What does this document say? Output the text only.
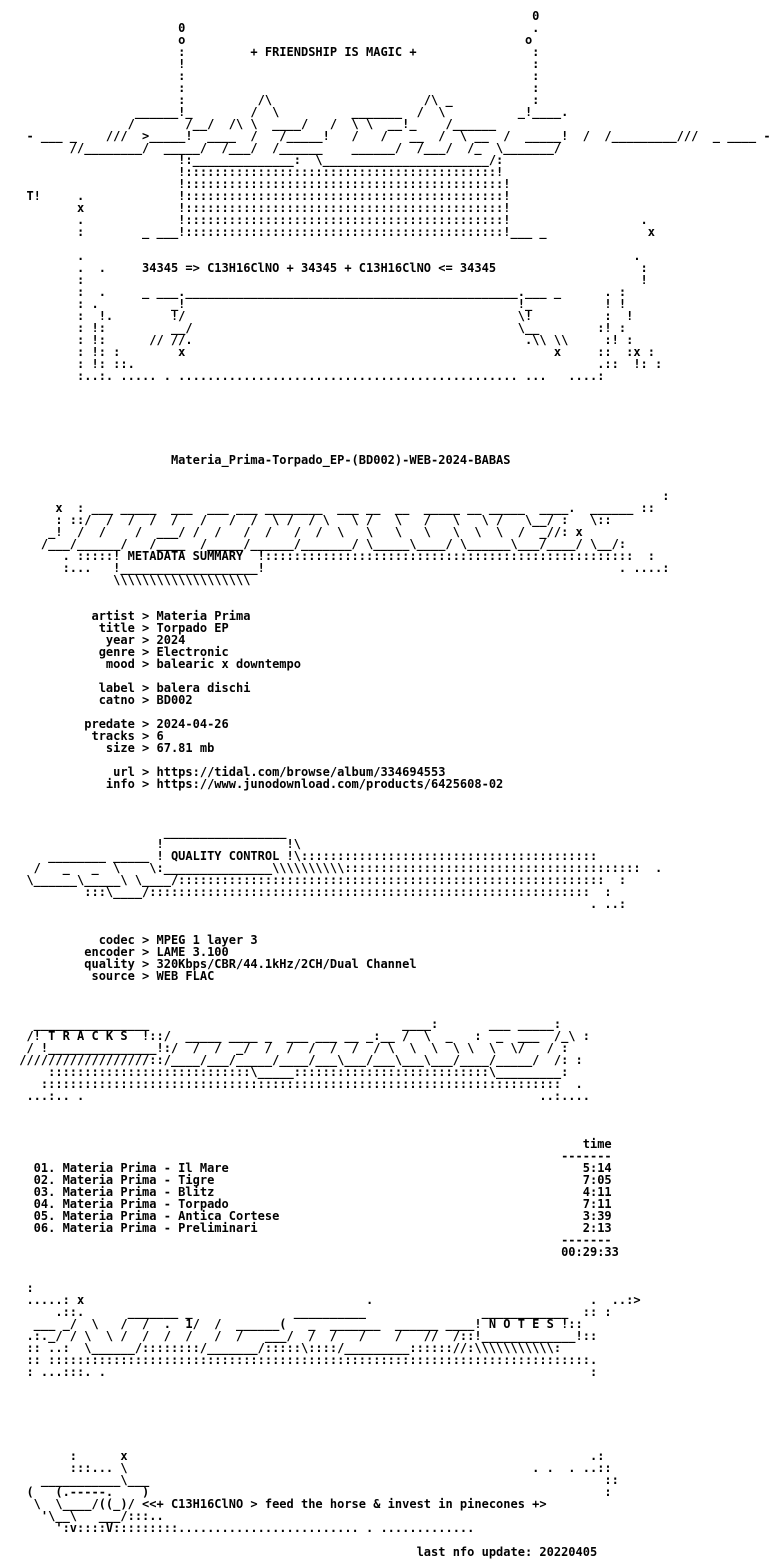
0
0                                                .
o                                               o
:         + FRIENDSHIP IS MAGIC +                :
!                                                :
:                                                :
:                                                :
:          /\                     /\ _           :
______!_        /  \          _______  /  \          _!____.
/       /__/  /\ \  ____/   /  \ \  __!_    /______
- ___ _    ///  >_____!  ____  /   /_____!   /   /   __  /  \ __  /  _____!  /  /_________///  _ ____ -
//________/  _____/  /___/  /______    ______/  /___/  /_  \_______/
!:______________:  \_______________________/:
!:::::::::::::::::::::::::::::::::::::::::::!
!::::::::::::::::::::::::::::::::::::::::::::!
T!     .             !::::::::::::::::::::::::::::::::::::::::::::!
x             !::::::::::::::::::::::::::::::::::::::::::::!
.             !::::::::::::::::::::::::::::::::::::::::::::!                  .
:        _ ___!::::::::::::::::::::::::::::::::::::::::::::!___ _              x
.                                                                            .
.  .     34345 => C13H16ClNO + 34345 + C13H16ClNO <= 34345                    :
:                                                                             !
:  .     _ ___.______________________________________________.___ _      . :
: .          _!                                              !_          ! !
:  !.        !/                                              \!          :  !
: !:         __/                                             \__        :! :
: !:      // //.                                              .\\ \\     :! :
: !: :        x                                                   x     ::  :x :
: !: ::.                                                                .::  !: :
:..:. ..... . ............................................... ...   ....:
Materia_Prima-Torpado_EP-(BD002)-WEB-2024-BABAS
:
x  : ___ _____  ___  ___ ___ ________  ___ __  __  _____ __ _____  ____.  ______ ::
: ::/  /  /  /  /   /   /  /  \ /  / \   \ /   \   /   \   \ /   \__/ :   \::
_!  /  /    /  ___/ /  /   /  /   /  /  \   \   \   \   \  \  \  /  _//: x
/___/______/   /____  /_____/______/_______/ \_____\____/ \______\___/____/ \__/:
. :::::! METADATA SUMMARY  !:::::::::::::::::::::::::::::::::::::::::::::::::::  :
:...   !___________________!                                                 . ....:
\\\\\\\\\\\\\\\\\\\
artist > Materia Prima
title > Torpado EP
year > 2024
genre > Electronic
mood > balearic x downtempo
label > balera dischi
catno > BD002
predate > 2024-04-26
tracks > 6
size > 67.81 mb
url > https://tidal.com/browse/album/334694553
info > https://www.junodownload.com/products/6425608-02
_________________
!                 !\
________ _____ ! QUALITY CONTROL !\:::::::::::::::::::::::::::::::::::::::::
/   _   _  \    \:_______________\\\\\\\\\\:::::::::::::::::::::::::::::::::::::::::  .
\______\_____\ \____/:::::::::::::::::::::::::::::::::::::::::::::::::::::::::::  :
:::\____/:::::::::::::::::::::::::::::::::::::::::::::::::::::::::::::  :
. ..:
codec > MPEG 1 layer 3
encoder > LAME 3.100
quality > 320Kbps/CBR/44.1kHz/2CH/Dual Channel
source > WEB FLAC
________________                                   ____:       ___ _____:
/! T R A C K S  !::/  _____ ____ _  ___ ___ __ _:__ /  \  _   :  _  ___  /_\ :
/ !_______________!:/  /  /  _/  /  /  /  /  /  / \  \  \  \ \  \  \/   / :
//////////////////::/____/___/_____/____/___\___/___\___\___/____/_____/  /: :
::::::::::::::::::::::::::::\_____:::::::::::::::::::::::::::\_________:
::::::::::::::::::::::::::::::::::::::::::::::::::::::::::::::::::::::::  .
...:.. .                                                               ..:....
time
-------
01. Materia Prima - Il Mare                                                 5:14
02. Materia Prima - Tigre                                                   7:05
03. Materia Prima - Blitz                                                   4:11
04. Materia Prima - Torpado                                                 7:11
05. Materia Prima - Antica Cortese                                          3:39
06. Materia Prima - Preliminari                                             2:13
-------
00:29:33
:
.....: x                                       .                              .  ..:>
.::.      _______ _              __________                ____________  :: :
___ _/  \   /  /  .  1/  /  ______(   _  _______  ______ ____! N O T E S !::
.:._/ / \  \ /  /  /  /   /  /   ___/  /  /   /    /   //  /::!_____________!::
:: ..:  \______/::::::::/_______/:::::\::::/_________:::::://:\\\\\\\\\\\:
:: :::::::::::::::::::::::::::::::::::::::::::::::::::::::::::::::::::::::::::.
: ...:::. .                                                                   :
:      x                                                                .:
:::... \                                                        . .  . ..::
___________\___                                                               ::
(   (.-----.    )                                                               :
\  \____/((_)/ <<+ C13H16ClNO > feed the horse & invest in pinecones +>
'\__\   ___/:::..
':v::::V:::::::::......................... . .............
last nfo update: 20220405
